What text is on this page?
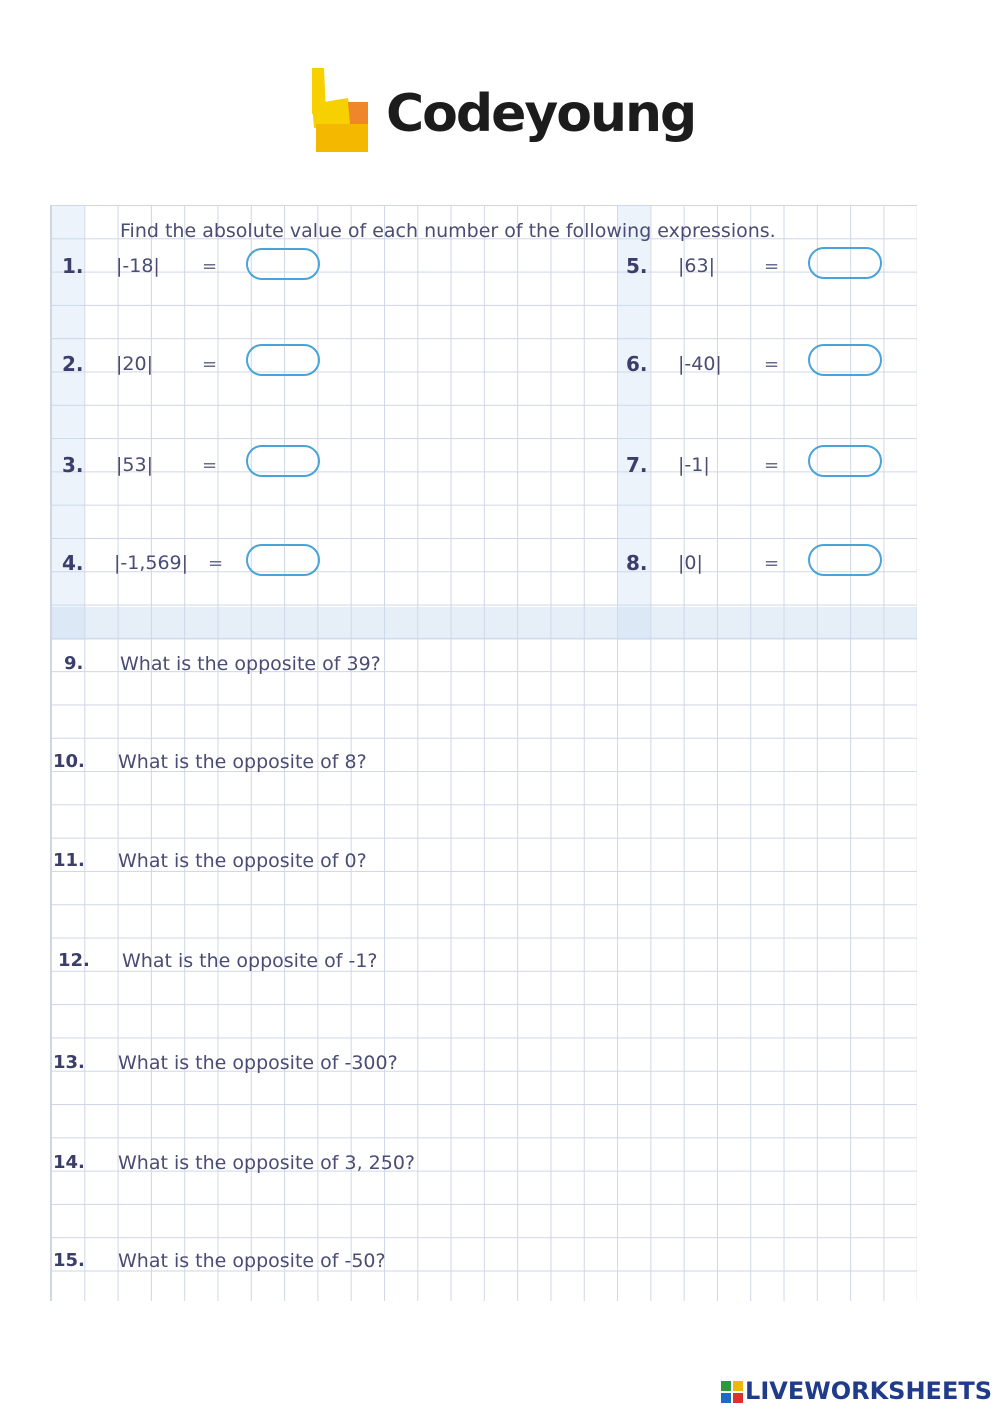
Codeyoung
Find the absolute value of each number of the following expressions.
1. |-18| =
2. |20|	=
3. |53|	=
4. |-1,569| =
5. |63|	=
6. |-40| =
7. |-1|	=
8. |0|	=
9. What is the opposite of 39?
10. What is the opposite of 8?
11. What is the opposite of 0?
12. What is the opposite of -1?
13. What is the opposite of -300?
14. What is the opposite of 3, 250?
15. What is the opposite of -50?
LIVEWORKSHEETS
